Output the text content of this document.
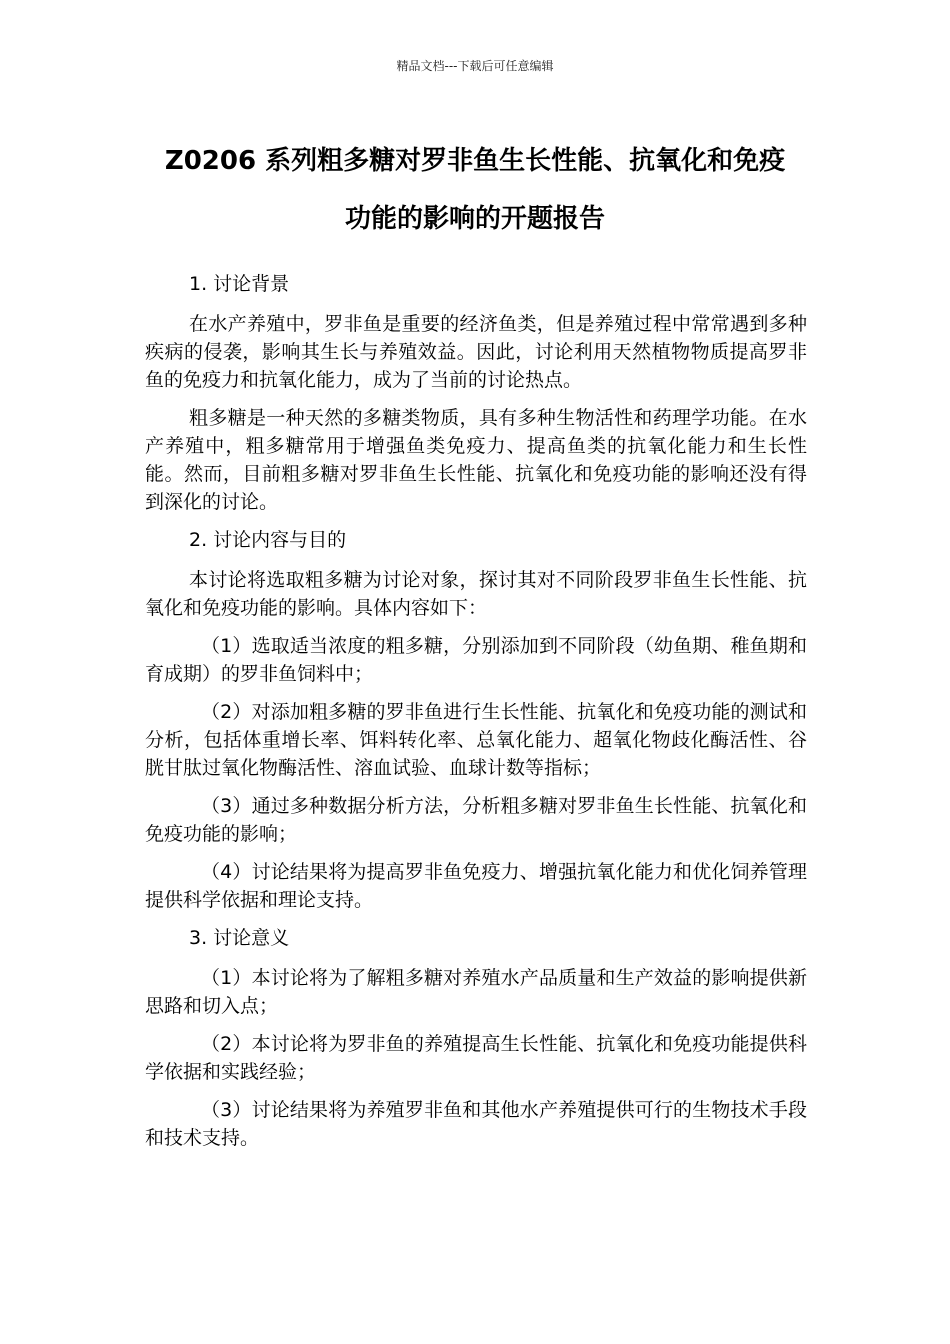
精品文档---下载后可任意编辑
Z0206 系列粗多糖对罗非鱼生长性能、抗氧化和免疫
功能的影响的开题报告

1. 讨论背景

在水产养殖中，罗非鱼是重要的经济鱼类，但是养殖过程中常常遇到多种疾病的侵袭，影响其生长与养殖效益。因此，讨论利用天然植物物质提高罗非鱼的免疫力和抗氧化能力，成为了当前的讨论热点。

粗多糖是一种天然的多糖类物质，具有多种生物活性和药理学功能。在水产养殖中，粗多糖常用于增强鱼类免疫力、提高鱼类的抗氧化能力和生长性能。然而，目前粗多糖对罗非鱼生长性能、抗氧化和免疫功能的影响还没有得到深化的讨论。

2. 讨论内容与目的

本讨论将选取粗多糖为讨论对象，探讨其对不同阶段罗非鱼生长性能、抗氧化和免疫功能的影响。具体内容如下：

（1）选取适当浓度的粗多糖，分别添加到不同阶段（幼鱼期、稚鱼期和育成期）的罗非鱼饲料中；

（2）对添加粗多糖的罗非鱼进行生长性能、抗氧化和免疫功能的测试和分析，包括体重增长率、饵料转化率、总氧化能力、超氧化物歧化酶活性、谷胱甘肽过氧化物酶活性、溶血试验、血球计数等指标；

（3）通过多种数据分析方法，分析粗多糖对罗非鱼生长性能、抗氧化和免疫功能的影响；

（4）讨论结果将为提高罗非鱼免疫力、增强抗氧化能力和优化饲养管理提供科学依据和理论支持。

3. 讨论意义

（1）本讨论将为了解粗多糖对养殖水产品质量和生产效益的影响提供新思路和切入点；

（2）本讨论将为罗非鱼的养殖提高生长性能、抗氧化和免疫功能提供科学依据和实践经验；

（3）讨论结果将为养殖罗非鱼和其他水产养殖提供可行的生物技术手段和技术支持。
